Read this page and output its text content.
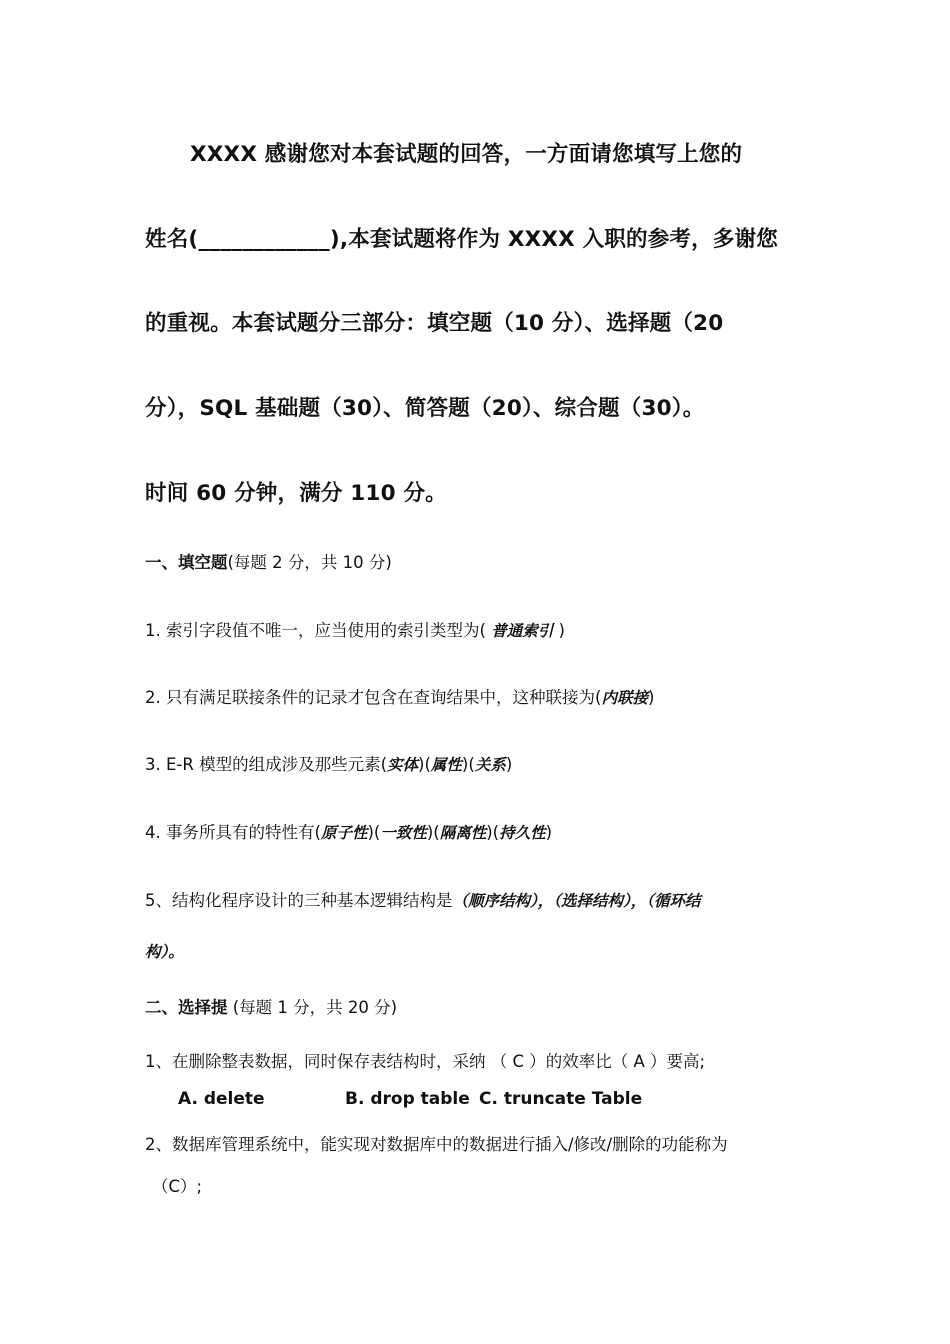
XXXX 感谢您对本套试题的回答，一方面请您填写上您的
姓名(____________),本套试题将作为 XXXX 入职的参考，多谢您
的重视。本套试题分三部分：填空题（10 分）、选择题（20
分），SQL 基础题（30）、简答题（20）、综合题（30）。
时间 60 分钟，满分 110 分。
一、填空题(每题 2 分，共 10 分)
1. 索引字段值不唯一，应当使用的索引类型为( 普通索引 )
2. 只有满足联接条件的记录才包含在查询结果中，这种联接为(内联接)
3. E-R 模型的组成涉及那些元素(实体)(属性)(关系)
4. 事务所具有的特性有(原子性)(一致性)(隔离性)(持久性)
5、结构化程序设计的三种基本逻辑结构是（顺序结构），（选择结构），（循环结
构）。
二、选择提 (每题 1 分，共 20 分)
1、在删除整表数据，同时保存表结构时，采纳 （ C ）的效率比（ A ）要高;
A. delete	B. drop table C. truncate Table
2、数据库管理系统中，能实现对数据库中的数据进行插入/修改/删除的功能称为
（C）;
